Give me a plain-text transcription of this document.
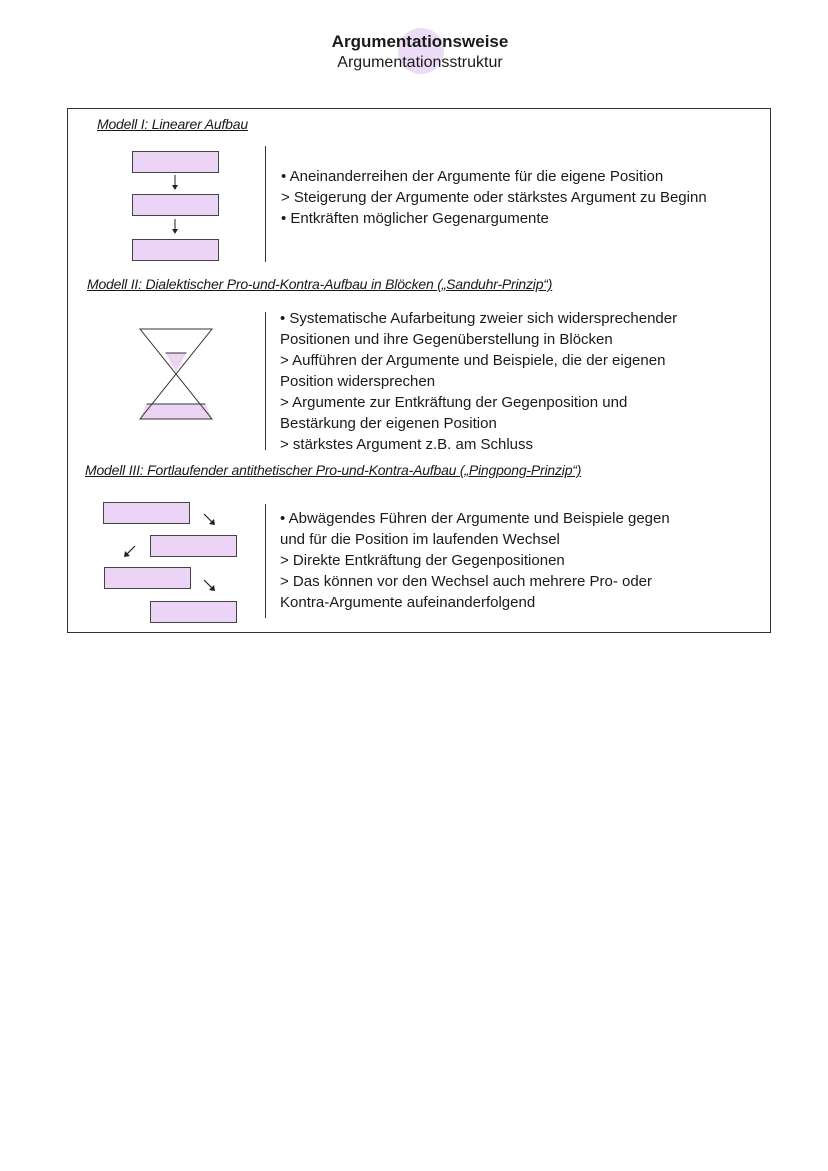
Argumentationsweise
Argumentationsstruktur
Modell I: Linearer Aufbau
• Aneinanderreihen der Argumente für die eigene Position
> Steigerung der Argumente oder stärkstes Argument zu Beginn
• Entkräften möglicher Gegenargumente
Modell II: Dialektischer Pro-und-Kontra-Aufbau in Blöcken („Sanduhr-Prinzip“)
• Systematische Aufarbeitung zweier sich widersprechender
Positionen und ihre Gegenüberstellung in Blöcken
> Aufführen der Argumente und Beispiele, die der eigenen
Position widersprechen
> Argumente zur Entkräftung der Gegenposition und
Bestärkung der eigenen Position
> stärkstes Argument z.B. am Schluss
Modell III: Fortlaufender antithetischer Pro-und-Kontra-Aufbau („Pingpong-Prinzip“)
• Abwägendes Führen der Argumente und Beispiele gegen
und für die Position im laufenden Wechsel
> Direkte Entkräftung der Gegenpositionen
> Das können vor den Wechsel auch mehrere Pro- oder
Kontra-Argumente aufeinanderfolgend
